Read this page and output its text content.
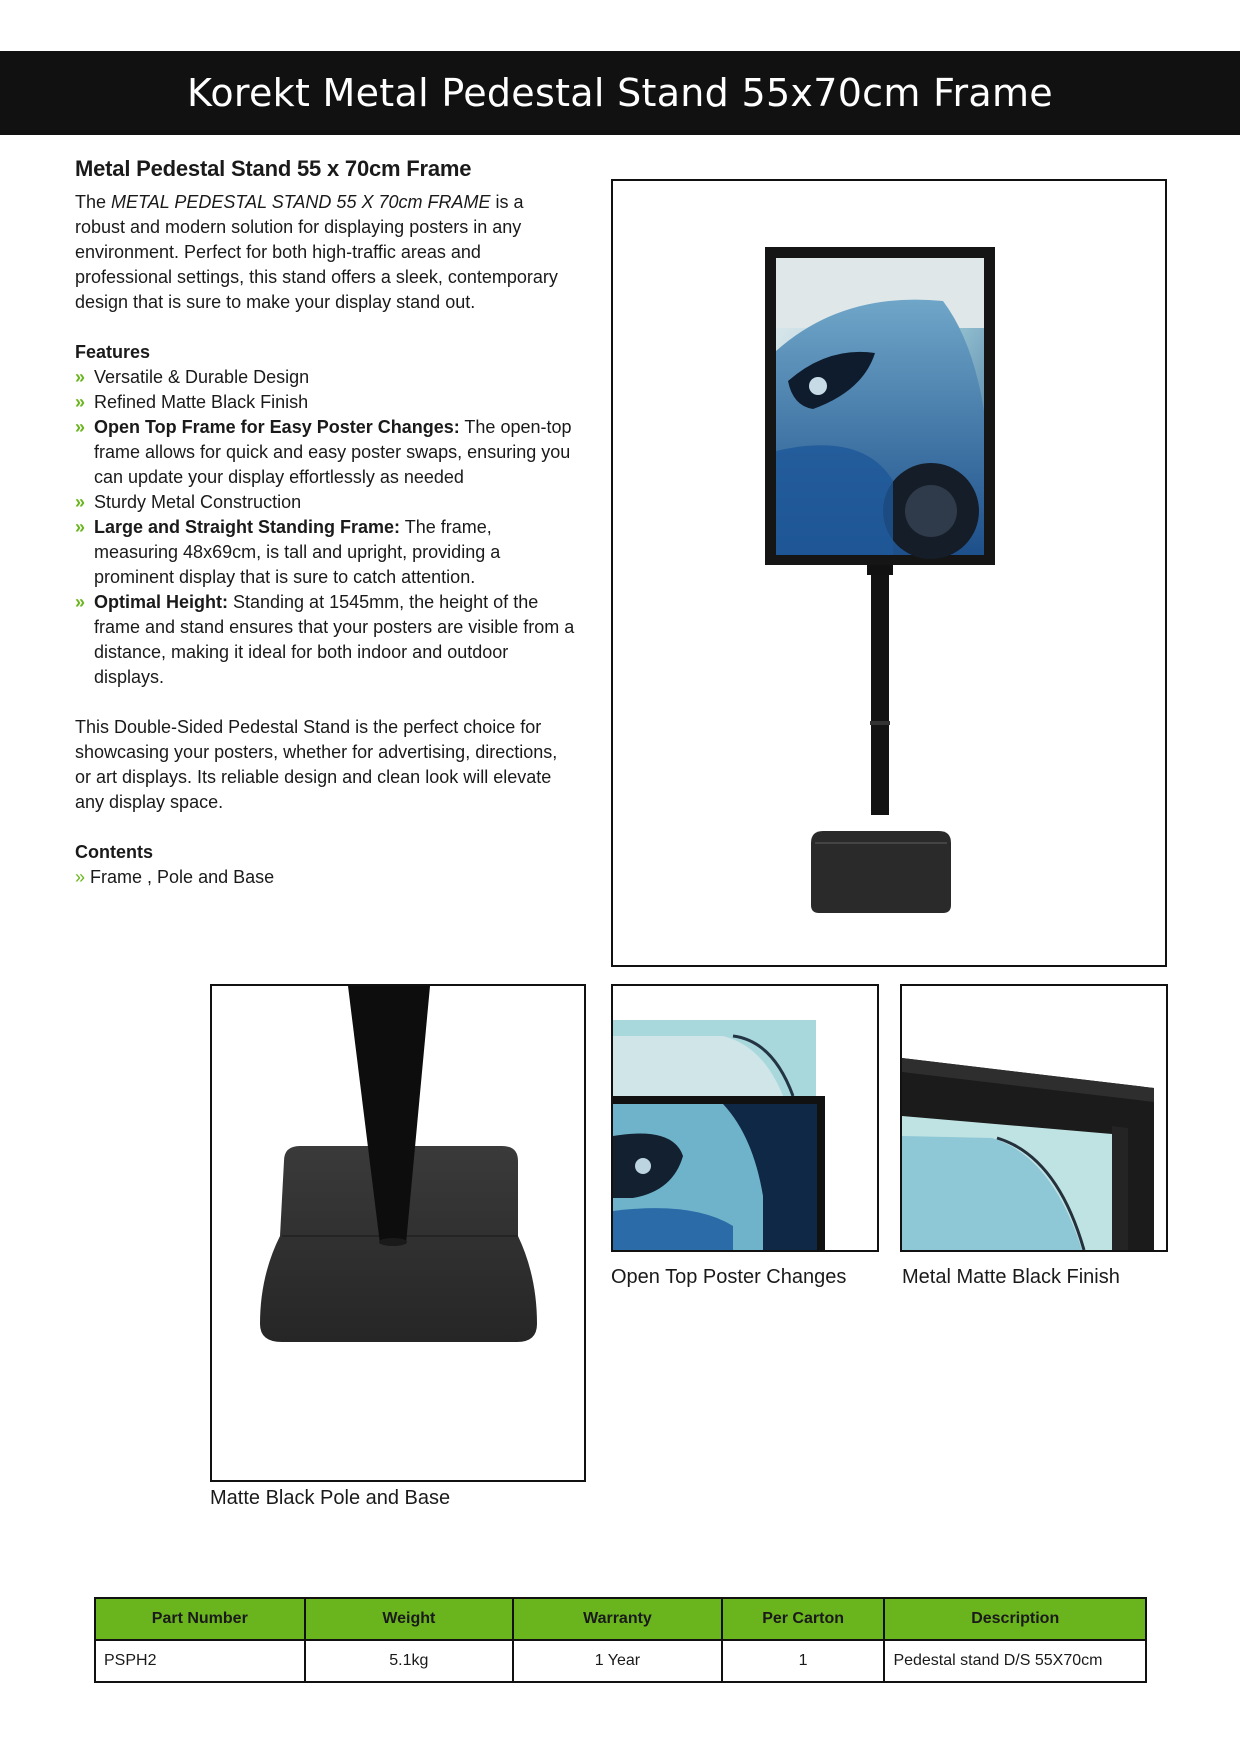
Korekt Metal Pedestal Stand 55x70cm Frame
Metal Pedestal Stand 55 x 70cm Frame

The METAL PEDESTAL STAND 55 X 70cm FRAME is a robust and modern solution for displaying posters in any environment. Perfect for both high-traffic areas and professional settings, this stand offers a sleek, contemporary design that is sure to make your display stand out.

Features
» Versatile & Durable Design
» Refined Matte Black Finish
» Open Top Frame for Easy Poster Changes: The open-top frame allows for quick and easy poster swaps, ensuring you can update your display effortlessly as needed
» Sturdy Metal Construction
» Large and Straight Standing Frame: The frame, measuring 48x69cm, is tall and upright, providing a prominent display that is sure to catch attention.
» Optimal Height: Standing at 1545mm, the height of the frame and stand ensures that your posters are visible from a distance, making it ideal for both indoor and outdoor displays.

This Double-Sided Pedestal Stand is the perfect choice for showcasing your posters, whether for advertising, directions, or art displays. Its reliable design and clean look will elevate any display space.

Contents
» Frame , Pole and Base
Matte Black Pole and Base
Open Top Poster Changes	Metal Matte Black Finish
Part Number	Weight	Warranty	Per Carton	Description
PSPH2	5.1kg	1 Year	1	Pedestal stand D/S 55X70cm
